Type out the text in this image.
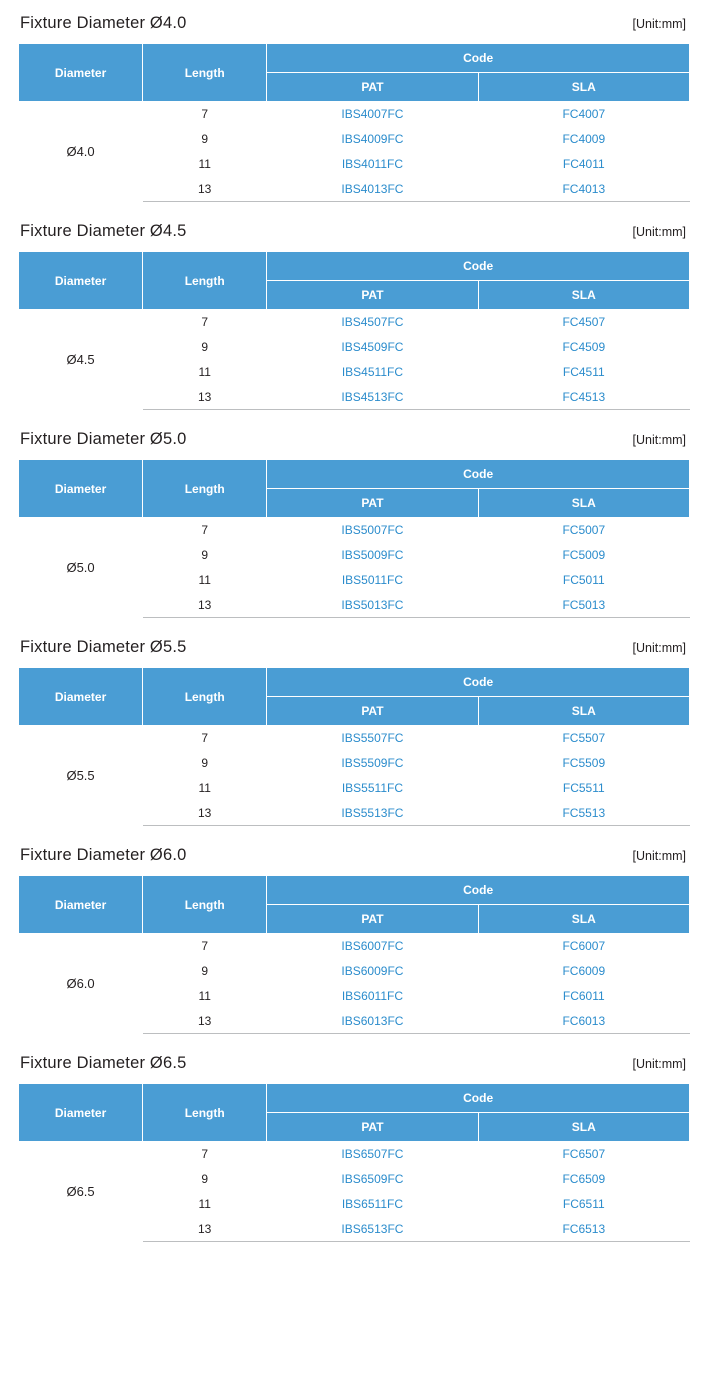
Fixture Diameter Ø4.0	[Unit:mm]
Diameter	Length	Code	
		PAT	SLA
Ø4.0	7	IBS4007FC	FC4007
	9	IBS4009FC	FC4009
	11	IBS4011FC	FC4011
	13	IBS4013FC	FC4013
Fixture Diameter Ø4.5	[Unit:mm]
Diameter	Length	Code	
		PAT	SLA
Ø4.5	7	IBS4507FC	FC4507
	9	IBS4509FC	FC4509
	11	IBS4511FC	FC4511
	13	IBS4513FC	FC4513
Fixture Diameter Ø5.0	[Unit:mm]
Diameter	Length	Code	
		PAT	SLA
Ø5.0	7	IBS5007FC	FC5007
	9	IBS5009FC	FC5009
	11	IBS5011FC	FC5011
	13	IBS5013FC	FC5013
Fixture Diameter Ø5.5	[Unit:mm]
Diameter	Length	Code	
		PAT	SLA
Ø5.5	7	IBS5507FC	FC5507
	9	IBS5509FC	FC5509
	11	IBS5511FC	FC5511
	13	IBS5513FC	FC5513
Fixture Diameter Ø6.0	[Unit:mm]
Diameter	Length	Code	
		PAT	SLA
Ø6.0	7	IBS6007FC	FC6007
	9	IBS6009FC	FC6009
	11	IBS6011FC	FC6011
	13	IBS6013FC	FC6013
Fixture Diameter Ø6.5	[Unit:mm]
Diameter	Length	Code	
		PAT	SLA
Ø6.5	7	IBS6507FC	FC6507
	9	IBS6509FC	FC6509
	11	IBS6511FC	FC6511
	13	IBS6513FC	FC6513
